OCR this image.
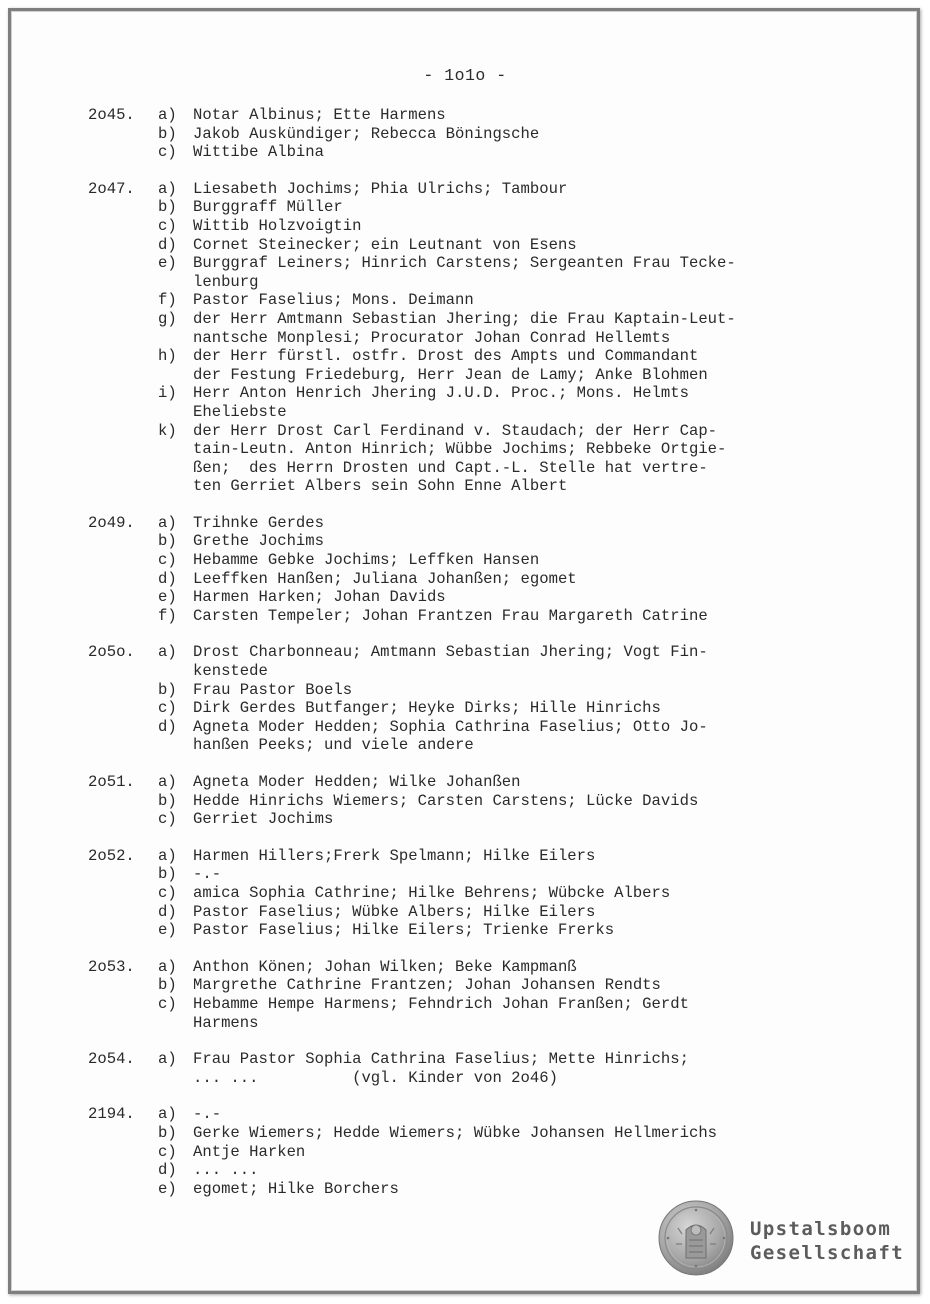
- 1o1o -
2o45.	a)	Notar Albinus; Ette Harmens
b)	Jakob Auskündiger; Rebecca Böningsche
c)	Wittibe Albina
2o47.	a)	Liesabeth Jochims; Phia Ulrichs; Tambour
b)	Burggraff Müller
c)	Wittib Holzvoigtin
d)	Cornet Steinecker; ein Leutnant von Esens
e)	Burggraf Leiners; Hinrich Carstens; Sergeanten Frau Tecke-
lenburg
f)	Pastor Faselius; Mons. Deimann
g)	der Herr Amtmann Sebastian Jhering; die Frau Kaptain-Leut-
nantsche Monplesi; Procurator Johan Conrad Hellemts
h)	der Herr fürstl. ostfr. Drost des Ampts und Commandant
der Festung Friedeburg, Herr Jean de Lamy; Anke Blohmen
i)	Herr Anton Henrich Jhering J.U.D. Proc.; Mons. Helmts
Eheliebste
k)	der Herr Drost Carl Ferdinand v. Staudach; der Herr Cap-
tain-Leutn. Anton Hinrich; Wübbe Jochims; Rebbeke Ortgie-
ßen;  des Herrn Drosten und Capt.-L. Stelle hat vertre-
ten Gerriet Albers sein Sohn Enne Albert
2o49.	a)	Trihnke Gerdes
b)	Grethe Jochims
c)	Hebamme Gebke Jochims; Leffken Hansen
d)	Leeffken Hanßen; Juliana Johanßen; egomet
e)	Harmen Harken; Johan Davids
f)	Carsten Tempeler; Johan Frantzen Frau Margareth Catrine
2o5o.	a)	Drost Charbonneau; Amtmann Sebastian Jhering; Vogt Fin-
kenstede
b)	Frau Pastor Boels
c)	Dirk Gerdes Butfanger; Heyke Dirks; Hille Hinrichs
d)	Agneta Moder Hedden; Sophia Cathrina Faselius; Otto Jo-
hanßen Peeks; und viele andere
2o51.	a)	Agneta Moder Hedden; Wilke Johanßen
b)	Hedde Hinrichs Wiemers; Carsten Carstens; Lücke Davids
c)	Gerriet Jochims
2o52.	a)	Harmen Hillers;Frerk Spelmann; Hilke Eilers
b)	-.-
c)	amica Sophia Cathrine; Hilke Behrens; Wübcke Albers
d)	Pastor Faselius; Wübke Albers; Hilke Eilers
e)	Pastor Faselius; Hilke Eilers; Trienke Frerks
2o53.	a)	Anthon Könen; Johan Wilken; Beke Kampmanß
b)	Margrethe Cathrine Frantzen; Johan Johansen Rendts
c)	Hebamme Hempe Harmens; Fehndrich Johan Franßen; Gerdt
Harmens
2o54.	a)	Frau Pastor Sophia Cathrina Faselius; Mette Hinrichs;
... ...          (vgl. Kinder von 2o46)
2194.	a)	-.-
b)	Gerke Wiemers; Hedde Wiemers; Wübke Johansen Hellmerichs
c)	Antje Harken
d)	... ...
e)	egomet; Hilke Borchers
Upstalsboom
Gesellschaft
